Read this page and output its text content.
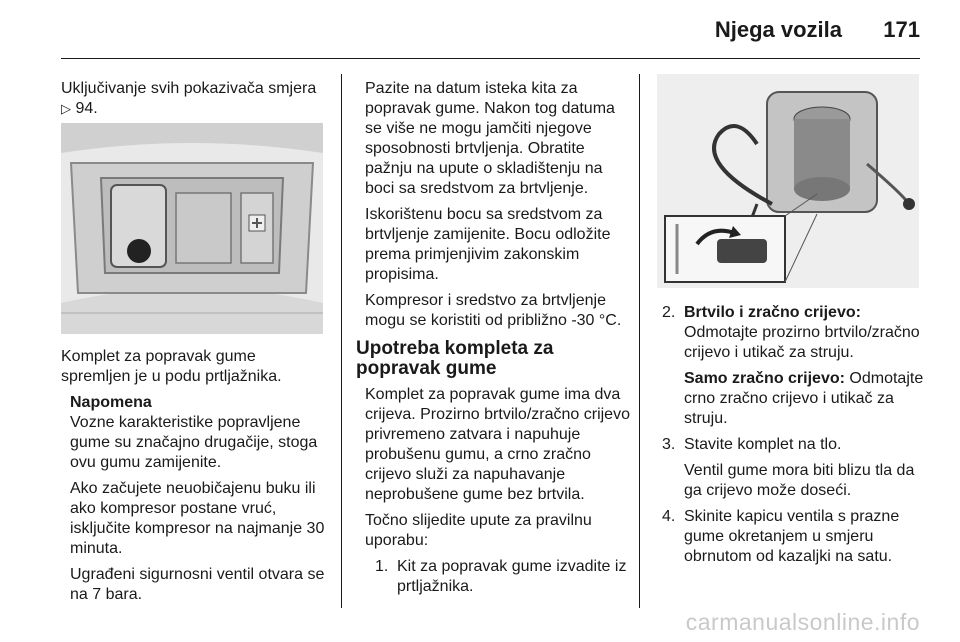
Njega vozila 171

Uključivanje svih pokazivača smjera

▷ 94.

Komplet za popravak gume spremljen je u podu prtljažnika.

Napomena

Vozne karakteristike popravljene gume su značajno drugačije, stoga ovu gumu zamijenite.

Ako začujete neuobičajenu buku ili ako kompresor postane vruć, isključite kompresor na najmanje 30 minuta.

Ugrađeni sigurnosni ventil otvara se na 7 bara.

Pazite na datum isteka kita za popravak gume. Nakon tog datuma se više ne mogu jamčiti njegove sposobnosti brtvljenja. Obratite pažnju na upute o skladištenju na boci sa sredstvom za brtvljenje.

Iskorištenu bocu sa sredstvom za brtvljenje zamijenite. Bocu odložite prema primjenjivim zakonskim propisima.

Kompresor i sredstvo za brtvljenje mogu se koristiti od približno -30 °C.

Upotreba kompleta za popravak gume

Komplet za popravak gume ima dva crijeva. Prozirno brtvilo/zračno crijevo privremeno zatvara i napuhuje probušenu gumu, a crno zračno crijevo služi za napuhavanje neprobušene gume bez brtvila.

Točno slijedite upute za pravilnu uporabu:

1. Kit za popravak gume izvadite iz prtljažnika.
2. Brtvilo i zračno crijevo: Odmotajte prozirno brtvilo/zračno crijevo i utikač za struju.
Samo zračno crijevo: Odmotajte crno zračno crijevo i utikač za struju.
3. Stavite komplet na tlo.
Ventil gume mora biti blizu tla da ga crijevo može doseći.
4. Skinite kapicu ventila s prazne gume okretanjem u smjeru obrnutom od kazaljki na satu.
carmanualsonline.info
